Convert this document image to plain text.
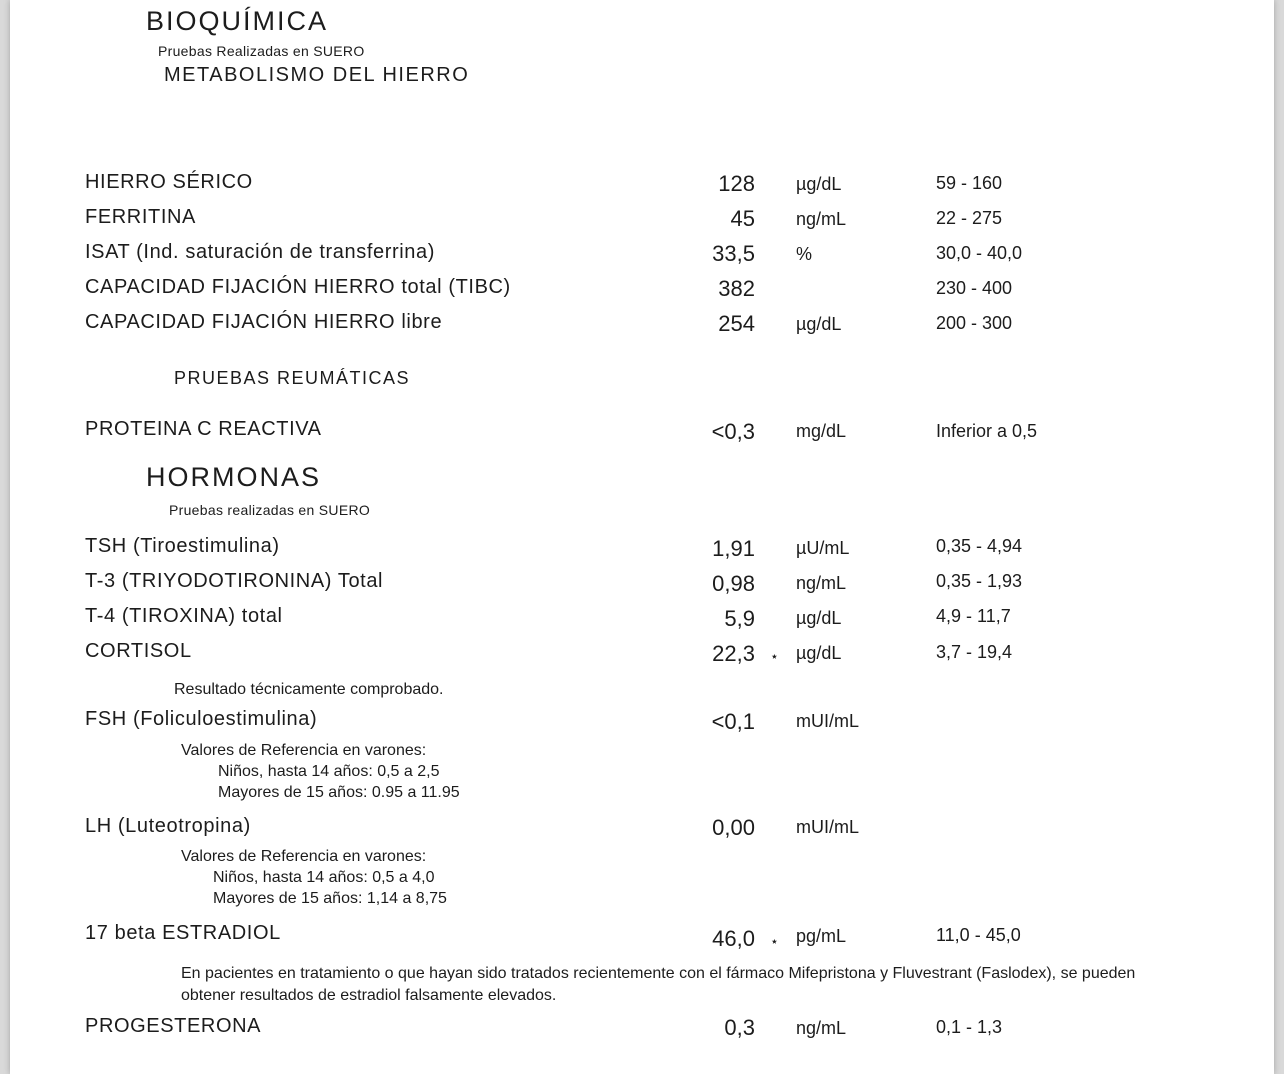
BIOQUÍMICA
Pruebas Realizadas en SUERO
METABOLISMO DEL HIERRO
HIERRO SÉRICO	128 µg/dL	59 - 160
FERRITINA	45 ng/mL	22 - 275
ISAT (Ind. saturación de transferrina)	33,5 %	30,0 - 40,0
CAPACIDAD FIJACIÓN HIERRO total (TIBC)	382	230 - 400
CAPACIDAD FIJACIÓN HIERRO libre	254 µg/dL	200 - 300
PRUEBAS REUMÁTICAS
PROTEINA C REACTIVA	<0,3 mg/dL	Inferior a 0,5
HORMONAS
Pruebas realizadas en SUERO
TSH (Tiroestimulina)	1,91 µU/mL	0,35 - 4,94
T-3 (TRIYODOTIRONINA) Total	0,98 ng/mL	0,35 - 1,93
T-4 (TIROXINA) total	5,9 µg/dL	4,9 - 11,7
CORTISOL	22,3 ⋆ µg/dL	3,7 - 19,4
Resultado técnicamente comprobado.
FSH (Foliculoestimulina)	<0,1 mUI/mL
Valores de Referencia en varones:
Niños, hasta 14 años: 0,5 a 2,5
Mayores de 15 años: 0.95 a 11.95
LH (Luteotropina)	0,00 mUI/mL
Valores de Referencia en varones:
Niños, hasta 14 años: 0,5 a 4,0
Mayores de 15 años: 1,14 a 8,75
17 beta ESTRADIOL	46,0 ⋆ pg/mL	11,0 - 45,0
En pacientes en tratamiento o que hayan sido tratados recientemente con el fármaco Mifepristona y Fluvestrant (Faslodex), se pueden obtener resultados de estradiol falsamente elevados.
PROGESTERONA	0,3 ng/mL	0,1 - 1,3
